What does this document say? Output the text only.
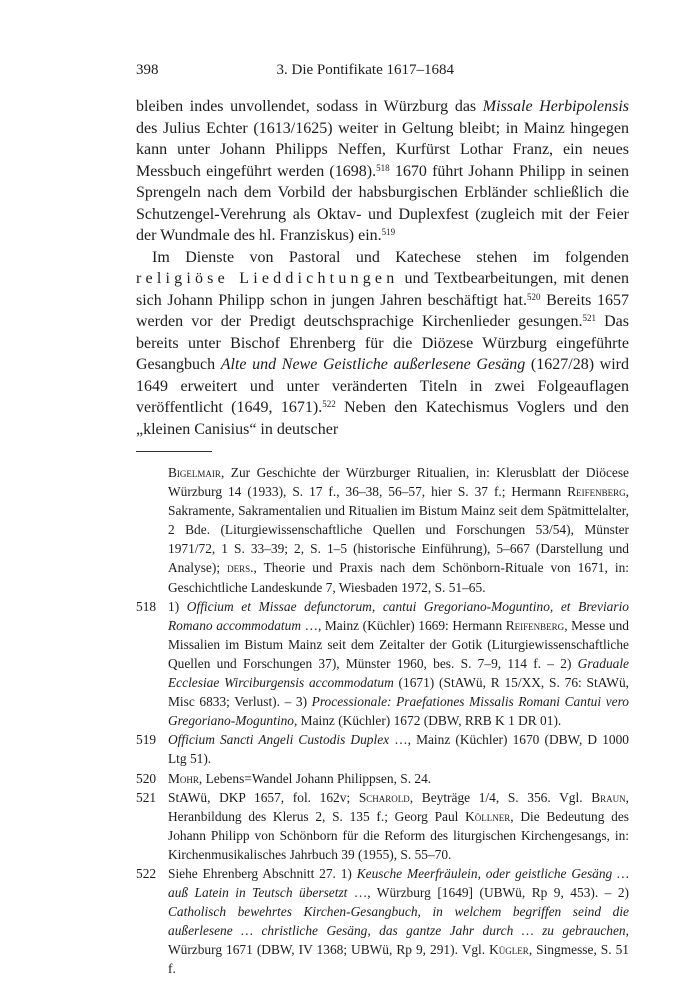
398	3. Die Pontifikate 1617–1684

bleiben indes unvollendet, sodass in Würzburg das Missale Herbipolensis des Julius Echter (1613/1625) weiter in Geltung bleibt; in Mainz hingegen kann unter Johann Philipps Neffen, Kurfürst Lothar Franz, ein neues Messbuch eingeführt werden (1698).$^{518}$ 1670 führt Johann Philipp in seinen Sprengeln nach dem Vorbild der habsburgischen Erbländer schließlich die Schutzengel-Verehrung als Oktav- und Duplexfest (zugleich mit der Feier der Wundmale des hl. Franziskus) ein.$^{519}$

Im Dienste von Pastoral und Katechese stehen im folgenden religiöse Lieddichtungen und Textbearbeitungen, mit denen sich Johann Philipp schon in jungen Jahren beschäftigt hat.$^{520}$ Bereits 1657 werden vor der Predigt deutschsprachige Kirchenlieder gesungen.$^{521}$ Das bereits unter Bischof Ehrenberg für die Diözese Würzburg eingeführte Gesangbuch Alte und Newe Geistliche außerlesene Gesäng (1627/28) wird 1649 erweitert und unter veränderten Titeln in zwei Folgeauflagen veröffentlicht (1649, 1671).$^{522}$ Neben den Katechismus Voglers und den „kleinen Canisius“ in deutscher

Bigelmair, Zur Geschichte der Würzburger Ritualien, in: Klerusblatt der Diöcese Würzburg 14 (1933), S. 17 f., 36–38, 56–57, hier S. 37 f.; Hermann Reifenberg, Sakramente, Sakramentalien und Ritualien im Bistum Mainz seit dem Spätmittelalter, 2 Bde. (Liturgiewissenschaftliche Quellen und Forschungen 53/54), Münster 1971/72, 1 S. 33–39; 2, S. 1–5 (historische Einführung), 5–667 (Darstellung und Analyse); ders., Theorie und Praxis nach dem Schönborn-Rituale von 1671, in: Geschichtliche Landeskunde 7, Wiesbaden 1972, S. 51–65.
518 1) Officium et Missae defunctorum, cantui Gregoriano-Moguntino, et Breviario Romano accommodatum …, Mainz (Küchler) 1669: Hermann Reifenberg, Messe und Missalien im Bistum Mainz seit dem Zeitalter der Gotik (Liturgiewissenschaftliche Quellen und Forschungen 37), Münster 1960, bes. S. 7–9, 114 f. – 2) Graduale Ecclesiae Wirciburgensis accommodatum (1671) (StAWü, R 15/XX, S. 76: StAWü, Misc 6833; Verlust). – 3) Processionale: Praefationes Missalis Romani Cantui vero Gregoriano-Moguntino, Mainz (Küchler) 1672 (DBW, RRB K 1 DR 01).
519 Officium Sancti Angeli Custodis Duplex …, Mainz (Küchler) 1670 (DBW, D 1000 Ltg 51).
520 Mohr, Lebens=Wandel Johann Philippsen, S. 24.
521 StAWü, DKP 1657, fol. 162v; Scharold, Beyträge 1/4, S. 356. Vgl. Braun, Heranbildung des Klerus 2, S. 135 f.; Georg Paul Köllner, Die Bedeutung des Johann Philipp von Schönborn für die Reform des liturgischen Kirchengesangs, in: Kirchenmusikalisches Jahrbuch 39 (1955), S. 55–70.
522 Siehe Ehrenberg Abschnitt 27. 1) Keusche Meerfräulein, oder geistliche Gesäng … auß Latein in Teutsch übersetzt …, Würzburg [1649] (UBWü, Rp 9, 453). – 2) Catholisch bewehrtes Kirchen-Gesangbuch, in welchem begriffen seind die außerlesene … christliche Gesäng, das gantze Jahr durch … zu gebrauchen, Würzburg 1671 (DBW, IV 1368; UBWü, Rp 9, 291). Vgl. Kügler, Singmesse, S. 51 f.
